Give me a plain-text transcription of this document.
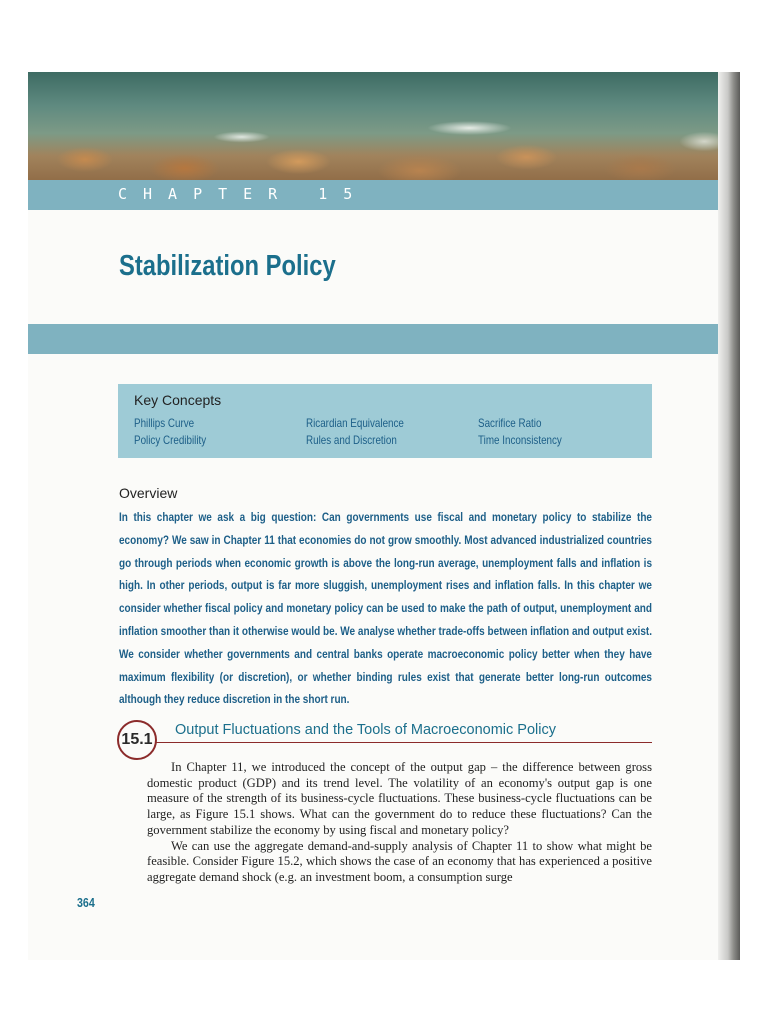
CHAPTER 15
Stabilization Policy
Key Concepts
Phillips Curve
Policy Credibility
Ricardian Equivalence
Rules and Discretion
Sacrifice Ratio
Time Inconsistency
Overview

In this chapter we ask a big question: Can governments use fiscal and monetary policy to stabilize the economy? We saw in Chapter 11 that economies do not grow smoothly. Most advanced industrialized countries go through periods when economic growth is above the long-run average, unemployment falls and inflation is high. In other periods, output is far more sluggish, unemployment rises and inflation falls. In this chapter we consider whether fiscal policy and monetary policy can be used to make the path of output, unemployment and inflation smoother than it otherwise would be. We analyse whether trade-offs between inflation and output exist. We consider whether governments and central banks operate macroeconomic policy better when they have maximum flexibility (or discretion), or whether binding rules exist that generate better long-run outcomes although they reduce discretion in the short run.

15.1
Output Fluctuations and the Tools of Macroeconomic Policy

In Chapter 11, we introduced the concept of the output gap – the difference between gross domestic product (GDP) and its trend level. The volatility of an economy's output gap is one measure of the strength of its business-cycle fluctuations. These business-cycle fluctuations can be large, as Figure 15.1 shows. What can the government do to reduce these fluctuations? Can the government stabilize the economy by using fiscal and monetary policy?

We can use the aggregate demand-and-supply analysis of Chapter 11 to show what might be feasible. Consider Figure 15.2, which shows the case of an economy that has experienced a positive aggregate demand shock (e.g. an investment boom, a consumption surge

364
